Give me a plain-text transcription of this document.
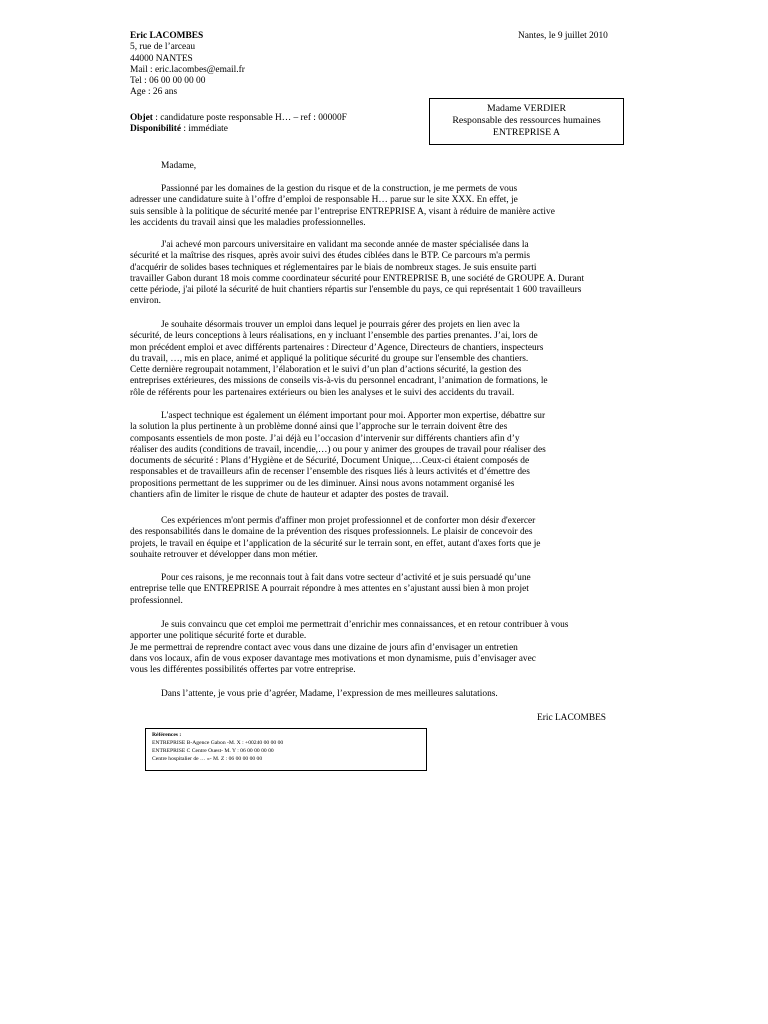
Eric LACOMBES
5, rue de l’arceau
44000 NANTES
Mail : eric.lacombes@email.fr
Tel : 06 00 00 00 00
Age : 26 ans
Nantes, le 9 juillet 2010
Madame VERDIER
Responsable des ressources humaines
ENTREPRISE A
Objet : candidature poste responsable H… – ref : 00000F
Disponibilité : immédiate
Madame,
Passionné par les domaines de la gestion du risque et de la construction, je me permets de vous
adresser une candidature suite à l’offre d’emploi de responsable H… parue sur le site XXX. En effet, je
suis sensible à la politique de sécurité menée par l’entreprise ENTREPRISE A, visant à réduire de manière active
les accidents du travail ainsi que les maladies professionnelles.
J'ai achevé mon parcours universitaire en validant ma seconde année de master spécialisée dans la
sécurité et la maîtrise des risques, après avoir suivi des études ciblées dans le BTP. Ce parcours m'a permis
d'acquérir de solides bases techniques et réglementaires par le biais de nombreux stages. Je suis ensuite parti
travailler Gabon durant 18 mois comme coordinateur sécurité pour ENTREPRISE B, une société de GROUPE A. Durant
cette période, j'ai piloté la sécurité de huit chantiers répartis sur l'ensemble du pays, ce qui représentait 1 600 travailleurs
environ.
Je souhaite désormais trouver un emploi dans lequel je pourrais gérer des projets en lien avec la
sécurité, de leurs conceptions à leurs réalisations, en y incluant l’ensemble des parties prenantes. J’ai, lors de
mon précédent emploi et avec différents partenaires : Directeur d’Agence, Directeurs de chantiers, inspecteurs
du travail, …, mis en place, animé et appliqué la politique sécurité du groupe sur l'ensemble des chantiers.
Cette dernière regroupait notamment, l’élaboration et le suivi d’un plan d’actions sécurité, la gestion des
entreprises extérieures, des missions de conseils vis-à-vis du personnel encadrant, l’animation de formations, le
rôle de référents pour les partenaires extérieurs ou bien les analyses et le suivi des accidents du travail.
L'aspect technique est également un élément important pour moi. Apporter mon expertise, débattre sur
la solution la plus pertinente à un problème donné ainsi que l’approche sur le terrain doivent être des
composants essentiels de mon poste. J’ai déjà eu l’occasion d’intervenir sur différents chantiers afin d’y
réaliser des audits (conditions de travail, incendie,…) ou pour y animer des groupes de travail pour réaliser des
documents de sécurité : Plans d’Hygiène et de Sécurité, Document Unique,…Ceux-ci étaient composés de
responsables et de travailleurs afin de recenser l’ensemble des risques liés à leurs activités et d’émettre des
propositions permettant de les supprimer ou de les diminuer. Ainsi nous avons notamment organisé les
chantiers afin de limiter le risque de chute de hauteur et adapter des postes de travail.
Ces expériences m'ont permis d'affiner mon projet professionnel et de conforter mon désir d'exercer
des responsabilités dans le domaine de la prévention des risques professionnels. Le plaisir de concevoir des
projets, le travail en équipe et l’application de la sécurité sur le terrain sont, en effet, autant d'axes forts que je
souhaite retrouver et développer dans mon métier.
Pour ces raisons, je me reconnais tout à fait dans votre secteur d’activité et je suis persuadé qu’une
entreprise telle que ENTREPRISE A pourrait répondre à mes attentes en s’ajustant aussi bien à mon projet
professionnel.
Je suis convaincu que cet emploi me permettrait d’enrichir mes connaissances, et en retour contribuer à vous
apporter une politique sécurité forte et durable.
Je me permettrai de reprendre contact avec vous dans une dizaine de jours afin d’envisager un entretien
dans vos locaux, afin de vous exposer davantage mes motivations et mon dynamisme, puis d’envisager avec
vous les différentes possibilités offertes par votre entreprise.
Dans l’attente, je vous prie d’agréer, Madame, l’expression de mes meilleures salutations.
Eric LACOMBES
Références :
ENTREPRISE B-Agence Gabon -M. X : +00240 00 00 00
ENTREPRISE C Centre Ouest- M. Y : 06 00 00 00 00
Centre hospitalier de … »- M. Z : 06 00 00 00 00
